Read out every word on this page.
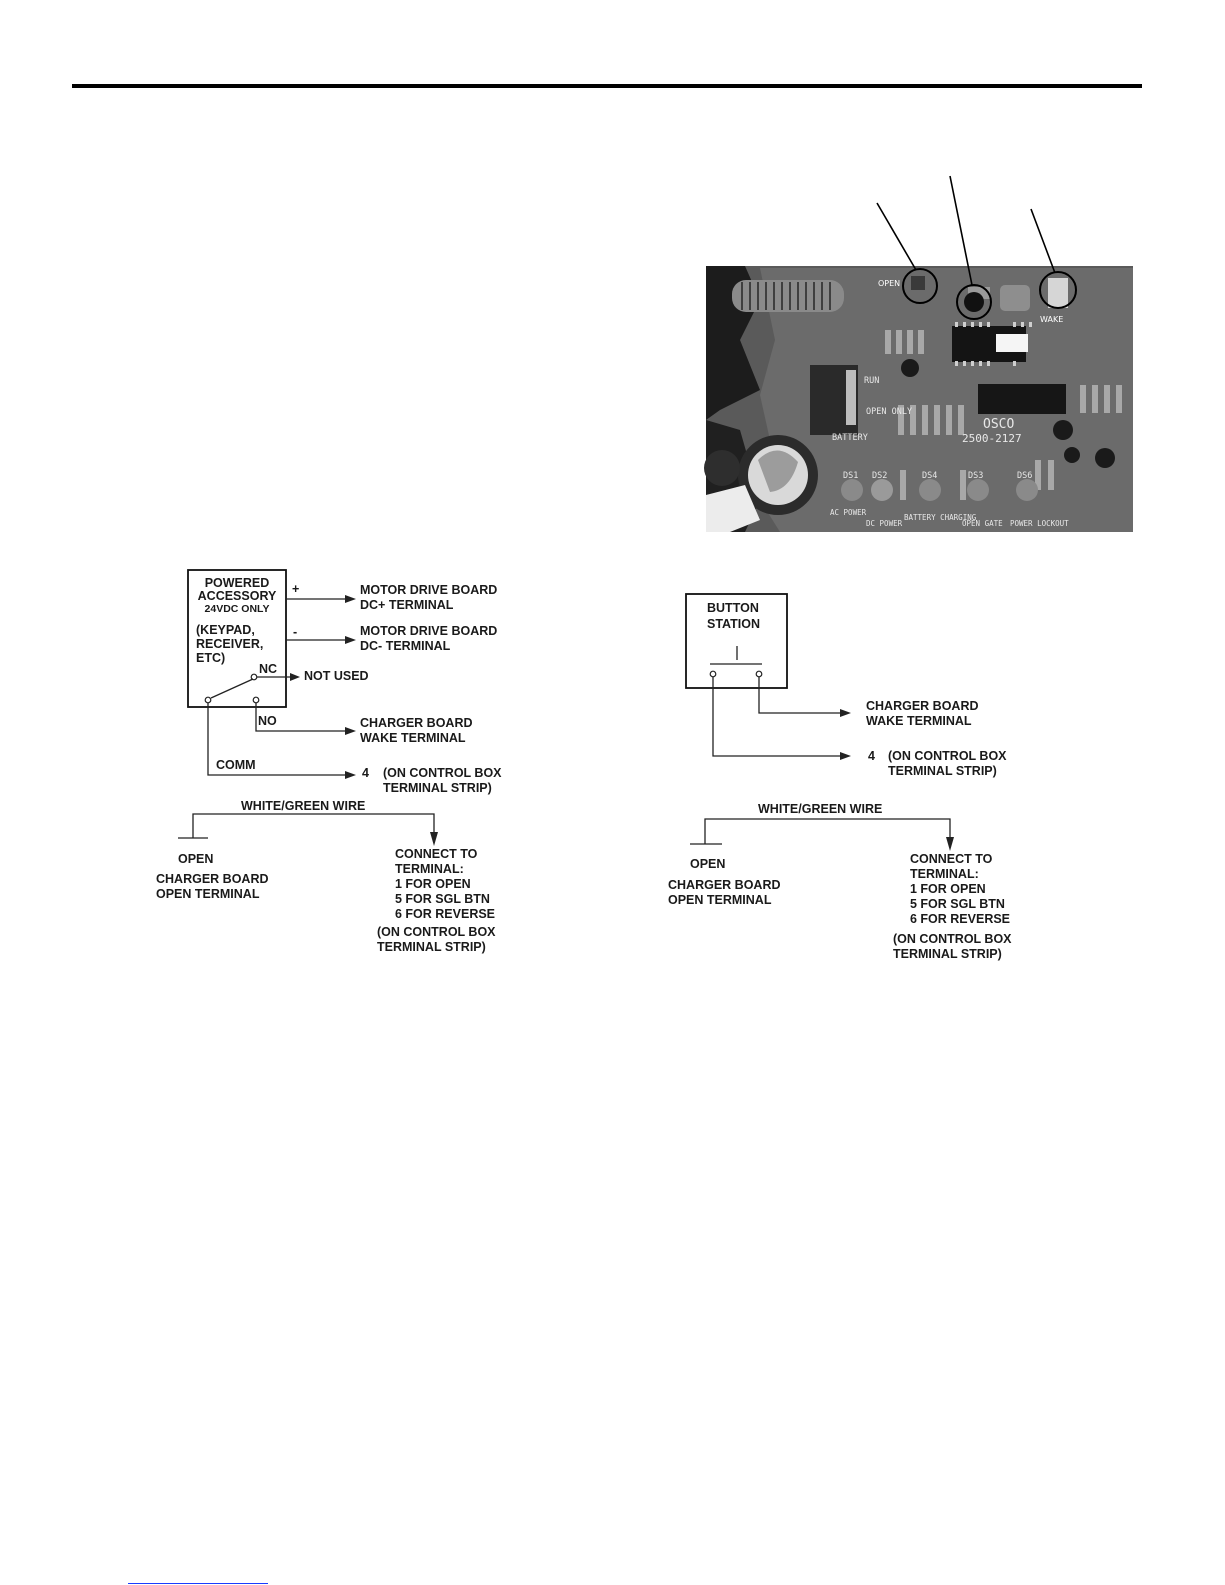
OPEN
WAKE
RUN
OPEN ONLY
BATTERY
OSCO
2500-2127
DS1 DS2	DS4	DS3	DS6
AC POWER
DC POWER
BATTERY CHARGING
OPEN GATE POWER LOCKOUT
POWERED
ACCESSORY
24VDC ONLY
(KEYPAD,
RECEIVER,
ETC)
+	MOTOR DRIVE BOARD
DC+ TERMINAL
-	MOTOR DRIVE BOARD
DC- TERMINAL
NC NOT USED
NO	CHARGER BOARD
WAKE TERMINAL
COMM
4 (ON CONTROL BOX
TERMINAL STRIP)
WHITE/GREEN WIRE
OPEN
CHARGER BOARD
OPEN TERMINAL
CONNECT TO
TERMINAL:
1 FOR OPEN
5 FOR SGL BTN
6 FOR REVERSE
(ON CONTROL BOX
TERMINAL STRIP)
BUTTON
STATION
CHARGER BOARD
WAKE TERMINAL
4 (ON CONTROL BOX
TERMINAL STRIP)
WHITE/GREEN WIRE
OPEN
CHARGER BOARD
OPEN TERMINAL
CONNECT TO
TERMINAL:
1 FOR OPEN
5 FOR SGL BTN
6 FOR REVERSE
(ON CONTROL BOX
TERMINAL STRIP)
